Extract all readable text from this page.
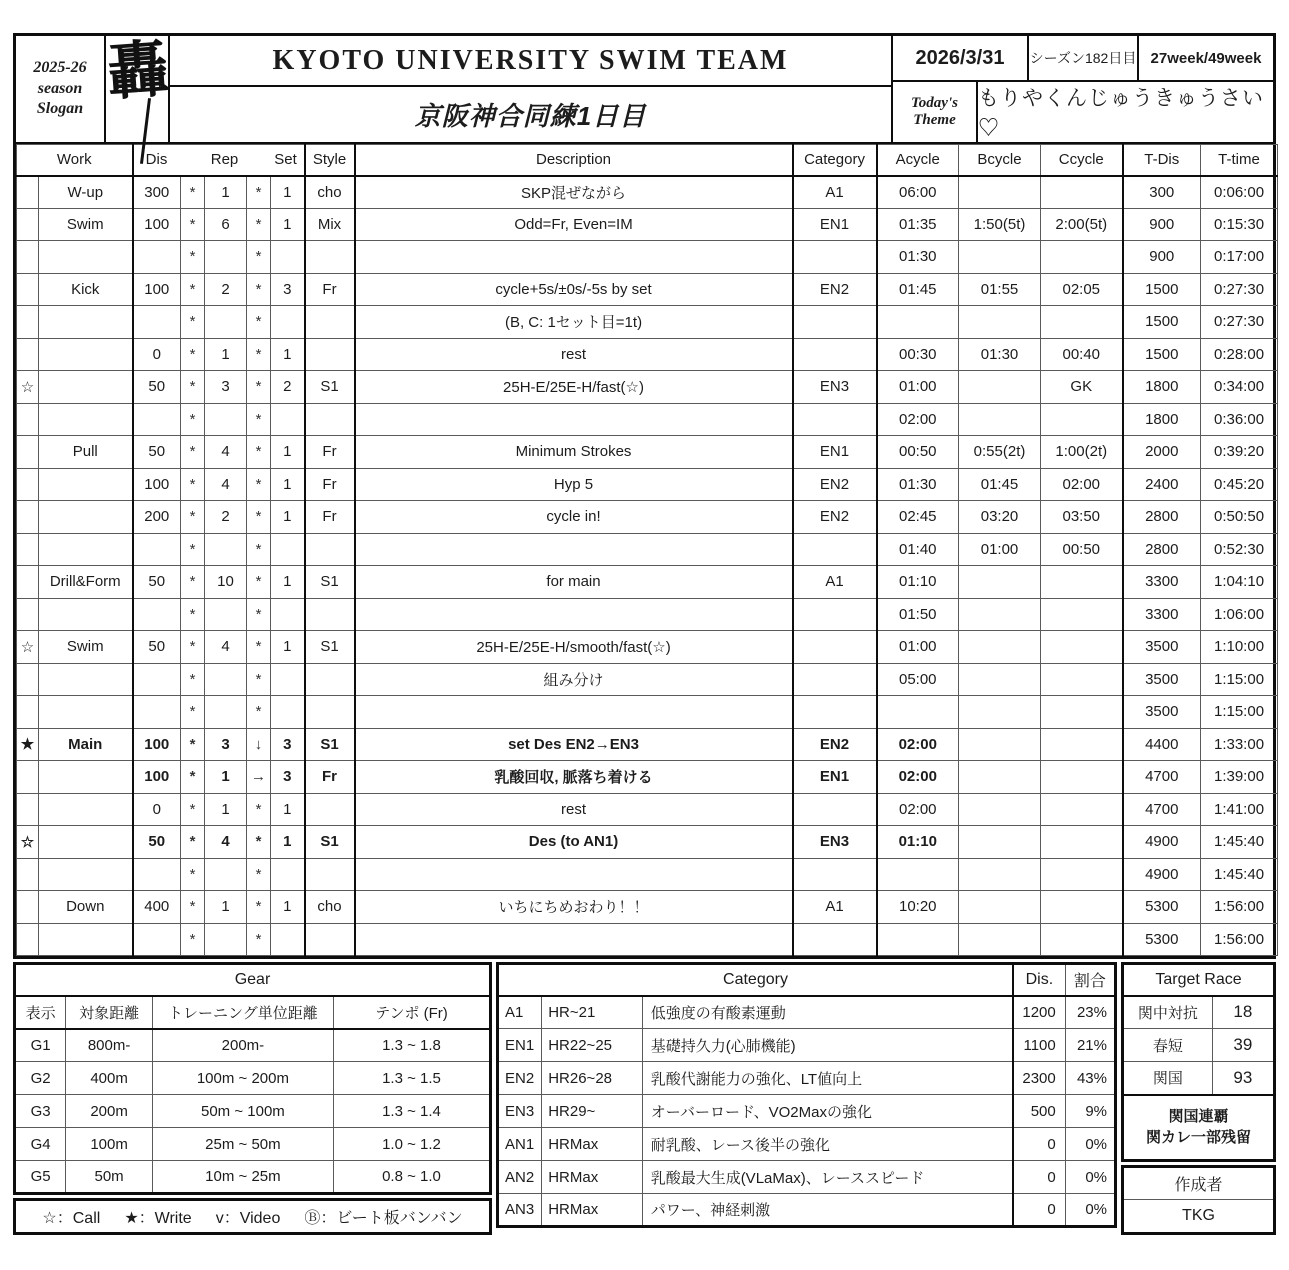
2025-26
season Slogan 轟	KYOTO UNIVERSITY SWIM TEAM
京阪神合同練1日目
2026/3/31	シーズン182日目 27week/49week
Today's
Theme
もりやくんじゅうきゅうさい♡
Work		Dis Rep Set					Style	Description	Category	Acycle	Bcycle	Ccycle	T-Dis	T-time
	W-up	300	*	1	*	1	cho	SKP混ぜながら	A1	06:00			300	0:06:00
	Swim	100	*	6	*	1	Mix	Odd=Fr, Even=IM	EN1	01:35	1:50(5t)	2:00(5t)	900	0:15:30
			*		*					01:30			900	0:17:00
	Kick	100	*	2	*	3	Fr	cycle+5s/±0s/-5s by set	EN2	01:45	01:55	02:05	1500	0:27:30
			*		*			(B, C: 1セット目=1t)					1500	0:27:30
		0	*	1	*	1		rest		00:30	01:30	00:40	1500	0:28:00
☆		50	*	3	*	2	S1	25H-E/25E-H/fast(☆)	EN3	01:00		GK	1800	0:34:00
			*		*					02:00			1800	0:36:00
	Pull	50	*	4	*	1	Fr	Minimum Strokes	EN1	00:50	0:55(2t)	1:00(2t)	2000	0:39:20
		100	*	4	*	1	Fr	Hyp 5	EN2	01:30	01:45	02:00	2400	0:45:20
		200	*	2	*	1	Fr	cycle in!	EN2	02:45	03:20	03:50	2800	0:50:50
			*		*					01:40	01:00	00:50	2800	0:52:30
	Drill&Form	50	*	10	*	1	S1	for main	A1	01:10			3300	1:04:10
			*		*					01:50			3300	1:06:00
☆	Swim	50	*	4	*	1	S1	25H-E/25E-H/smooth/fast(☆)		01:00			3500	1:10:00
			*		*			組み分け		05:00			3500	1:15:00
			*		*								3500	1:15:00
★	Main	100	*	3	↓	3	S1	set Des EN2→EN3	EN2	02:00			4400	1:33:00
		100	*	1	→	3	Fr	乳酸回収, 脈落ち着ける	EN1	02:00			4700	1:39:00
		0	*	1	*	1		rest		02:00			4700	1:41:00
☆		50	*	4	*	1	S1	Des (to AN1)	EN3	01:10			4900	1:45:40
			*		*								4900	1:45:40
	Down	400	*	1	*	1	cho	いちにちめおわり！！	A1	10:20			5300	1:56:00
			*		*								5300	1:56:00
Gear			
表示	対象距離	トレーニング単位距離	テンポ (Fr)
G1	800m-	200m-	1.3 ~ 1.8
G2	400m	100m ~ 200m	1.3 ~ 1.5
G3	200m	50m ~ 100m	1.3 ~ 1.4
G4	100m	25m ~ 50m	1.0 ~ 1.2
G5	50m	10m ~ 25m	0.8 ~ 1.0
☆：Call ★：Write v：Video Ⓑ：ビート板バンバン
Category			Dis.	割合
A1	HR~21	低強度の有酸素運動	1200	23%
EN1	HR22~25	基礎持久力(心肺機能)	1100	21%
EN2	HR26~28	乳酸代謝能力の強化、LT値向上	2300	43%
EN3	HR29~	オーバーロード、VO2Maxの強化	500	9%
AN1	HRMax	耐乳酸、レース後半の強化	0	0%
AN2	HRMax	乳酸最大生成(VLaMax)、レーススピード	0	0%
AN3	HRMax	パワー、神経刺激	0	0%
Target Race	
関中対抗	18
春短	39
関国	93

関国連覇
関カレ一部残留	
作成者
TKG
